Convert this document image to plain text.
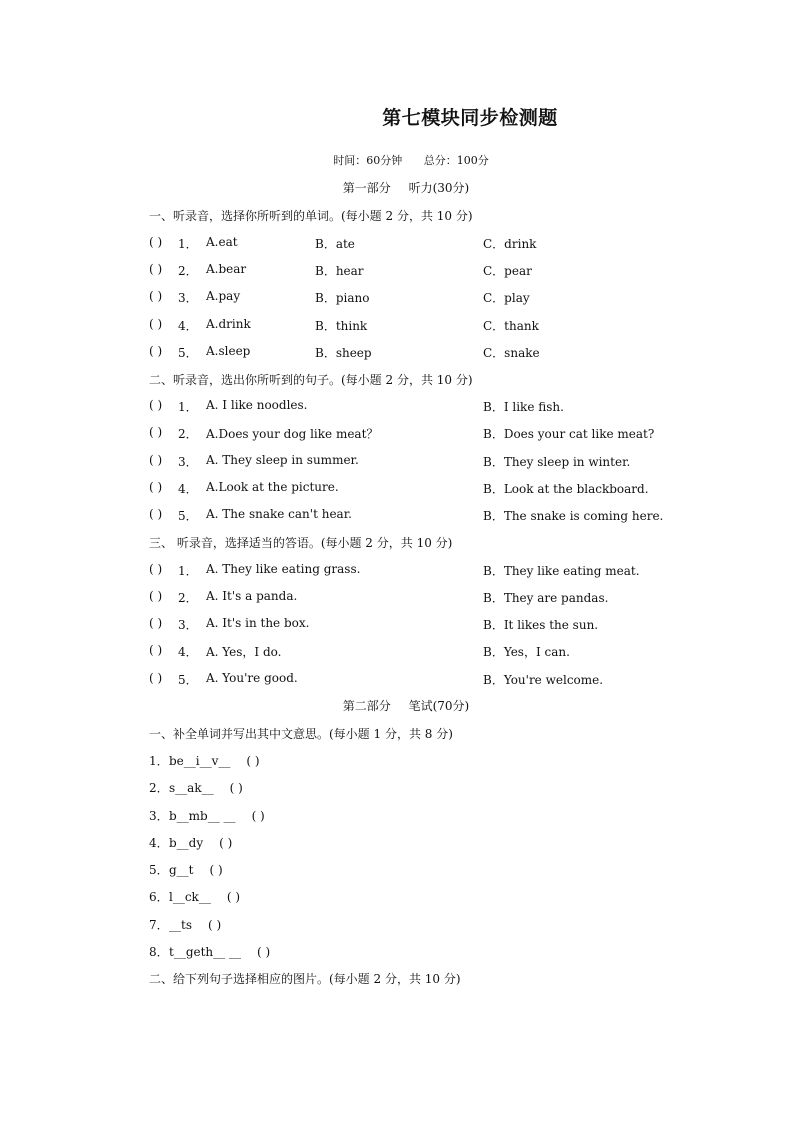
第七模块同步检测题
时间：60分钟 总分：100分
第一部分 听力(30分)
一、听录音，选择你所听到的单词。(每小题 2 分，共 10 分)
( ) 1． A.eat	B．ate	C．drink
( ) 2． A.bear	B．hear	C．pear
( ) 3． A.pay	B．piano	C．play
( ) 4． A.drink	B．think	C．thank
( ) 5． A.sleep	B．sheep	C．snake
二、听录音，选出你所听到的句子。(每小题 2 分，共 10 分)
( ) 1． A. I like noodles.	B．I like fish.
( ) 2． A.Does your dog like meat？	B．Does your cat like meat?
( ) 3． A. They sleep in summer.	B．They sleep in winter.
( ) 4． A.Look at the picture.	B．Look at the blackboard.
( ) 5． A. The snake can't hear.	B．The snake is coming here.
三、 听录音，选择适当的答语。(每小题 2 分，共 10 分)
( ) 1． A. They like eating grass.	B．They like eating meat.
( ) 2． A. It's a panda.	B．They are pandas.
( ) 3． A. It's in the box.	B．It likes the sun.
( ) 4． A. Yes，I do.	B．Yes，I can.
( ) 5． A. You're good.	B．You're welcome.
第二部分 笔试(70分)
一、补全单词并写出其中文意思。(每小题 1 分，共 8 分)
1．be__i__v__ ( )
2．s__ak__ ( )
3．b__mb__ __ ( )
4．b__dy ( )
5．g__t ( )
6．l__ck__ ( )
7．__ts ( )
8．t__geth__ __ ( )
二、给下列句子选择相应的图片。(每小题 2 分，共 10 分)
